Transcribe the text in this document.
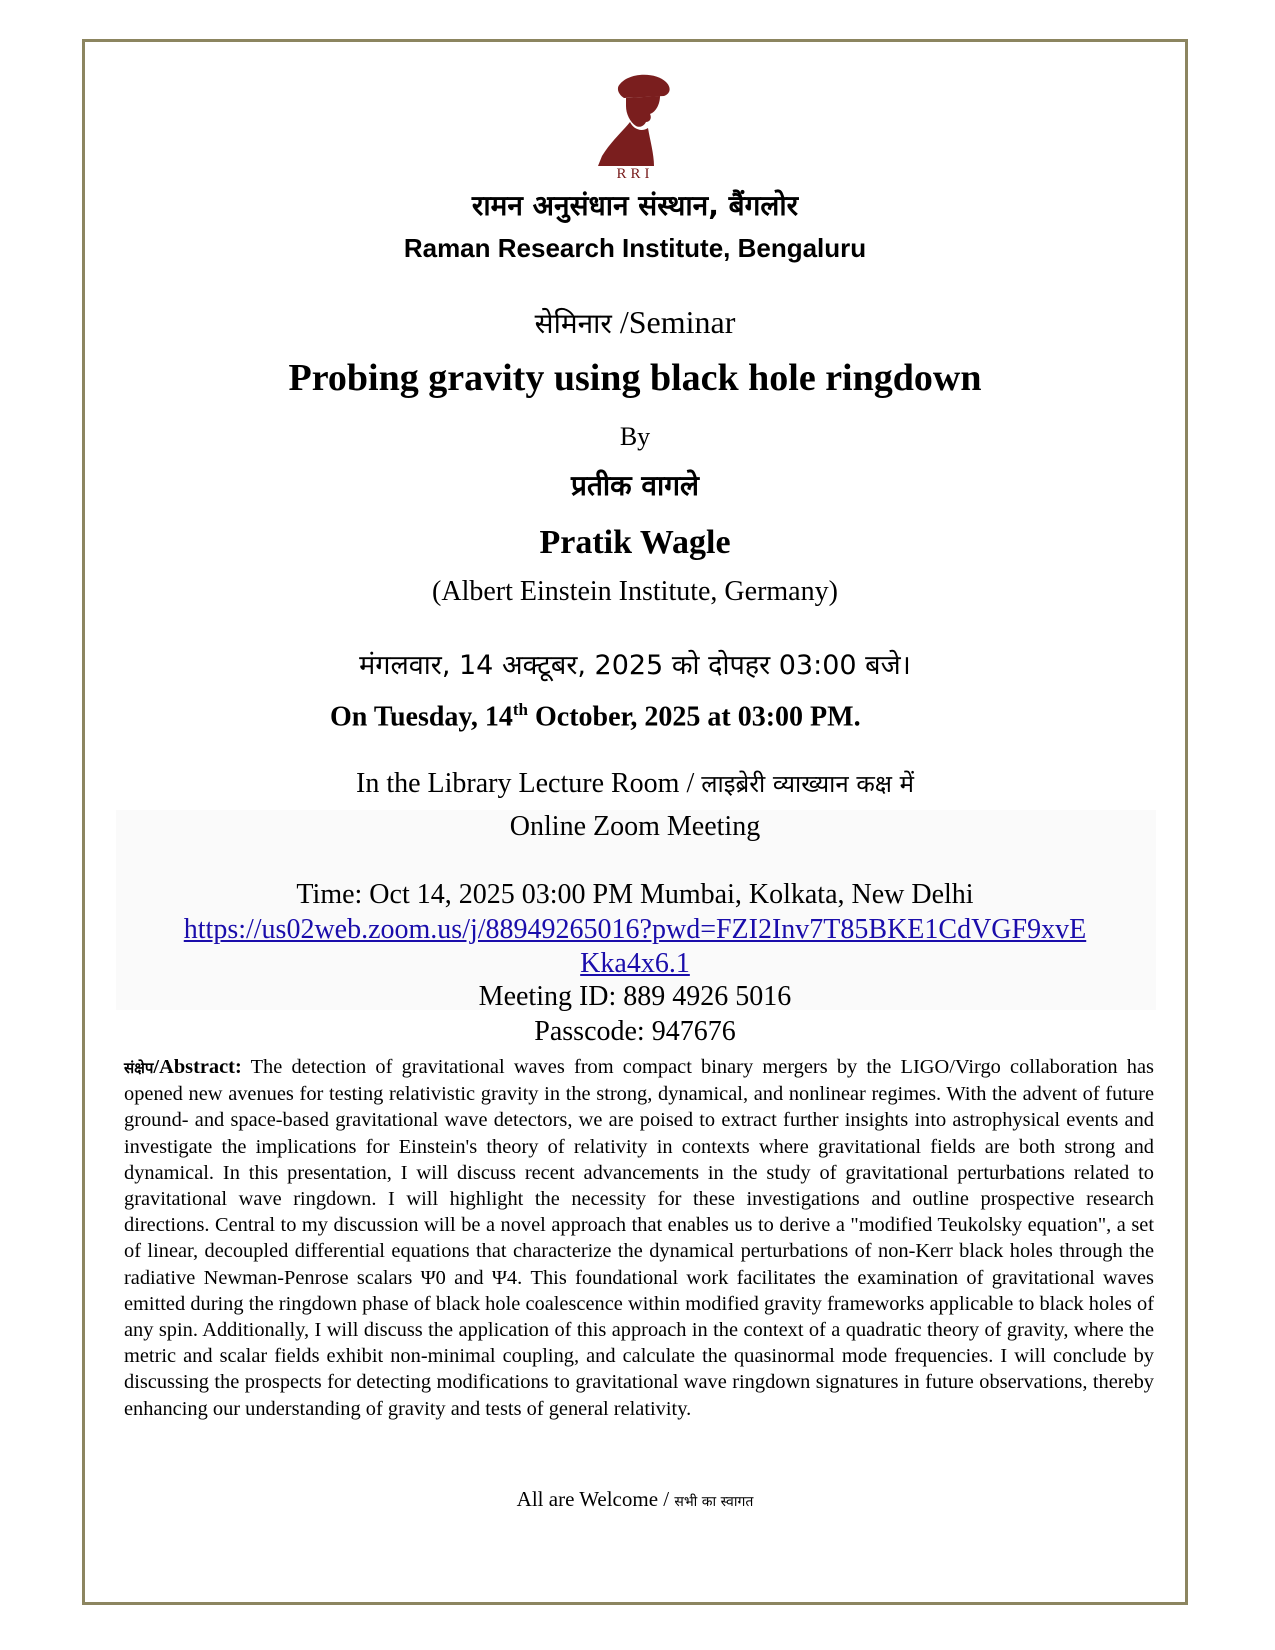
RRI
रामन अनुसंधान संस्थान, बैंगलोर
Raman Research Institute, Bengaluru
सेमिनार /Seminar
Probing gravity using black hole ringdown
By
प्रतीक वागले
Pratik Wagle
(Albert Einstein Institute, Germany)
मंगलवार, 14 अक्टूबर, 2025 को दोपहर 03:00 बजे।
On Tuesday, 14th October, 2025 at 03:00 PM.
In the Library Lecture Room / लाइब्रेरी व्याख्यान कक्ष में
Online Zoom Meeting
Time: Oct 14, 2025 03:00 PM Mumbai, Kolkata, New Delhi
https://us02web.zoom.us/j/88949265016?pwd=FZI2Inv7T85BKE1CdVGF9xvE
Kka4x6.1
Meeting ID: 889 4926 5016
Passcode: 947676
संक्षेप/Abstract: The detection of gravitational waves from compact binary mergers by the LIGO/Virgo collaboration has opened new avenues for testing relativistic gravity in the strong, dynamical, and nonlinear regimes. With the advent of future ground- and space-based gravitational wave detectors, we are poised to extract further insights into astrophysical events and investigate the implications for Einstein's theory of relativity in contexts where gravitational fields are both strong and dynamical. In this presentation, I will discuss recent advancements in the study of gravitational perturbations related to gravitational wave ringdown. I will highlight the necessity for these investigations and outline prospective research directions. Central to my discussion will be a novel approach that enables us to derive a "modified Teukolsky equation", a set of linear, decoupled differential equations that characterize the dynamical perturbations of non-Kerr black holes through the radiative Newman-Penrose scalars Ψ0 and Ψ4. This foundational work facilitates the examination of gravitational waves emitted during the ringdown phase of black hole coalescence within modified gravity frameworks applicable to black holes of any spin. Additionally, I will discuss the application of this approach in the context of a quadratic theory of gravity, where the metric and scalar fields exhibit non-minimal coupling, and calculate the quasinormal mode frequencies. I will conclude by discussing the prospects for detecting modifications to gravitational wave ringdown signatures in future observations, thereby enhancing our understanding of gravity and tests of general relativity.
All are Welcome / सभी का स्वागत
